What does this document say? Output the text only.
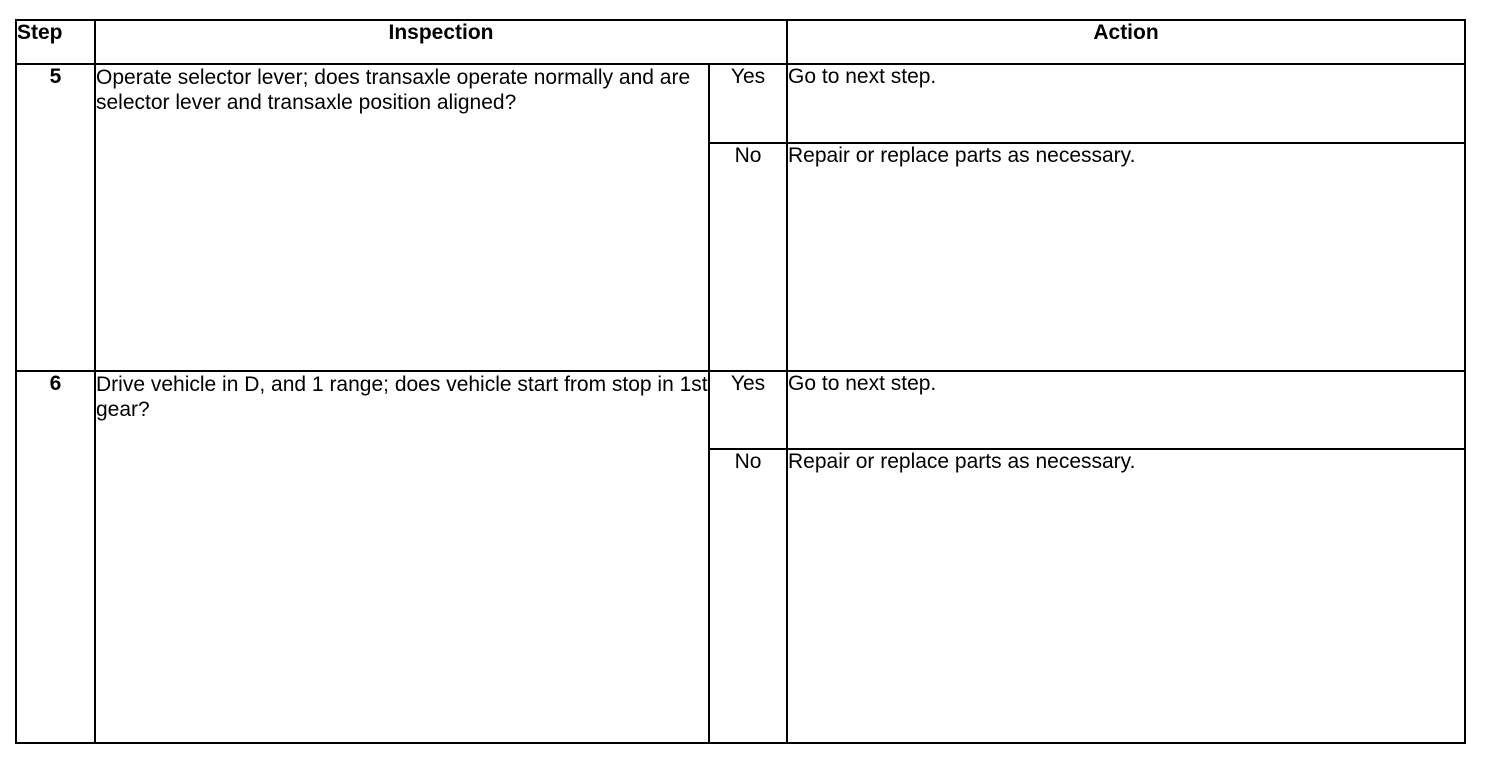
Step	Inspection		Action
5	Operate selector lever; does transaxle operate normally and are selector lever and transaxle position aligned?	Yes	Go to next step.
		No	Repair or replace parts as necessary.
6	Drive vehicle in D, and 1 range; does vehicle start from stop in 1st gear?	Yes	Go to next step.
		No	Repair or replace parts as necessary.
